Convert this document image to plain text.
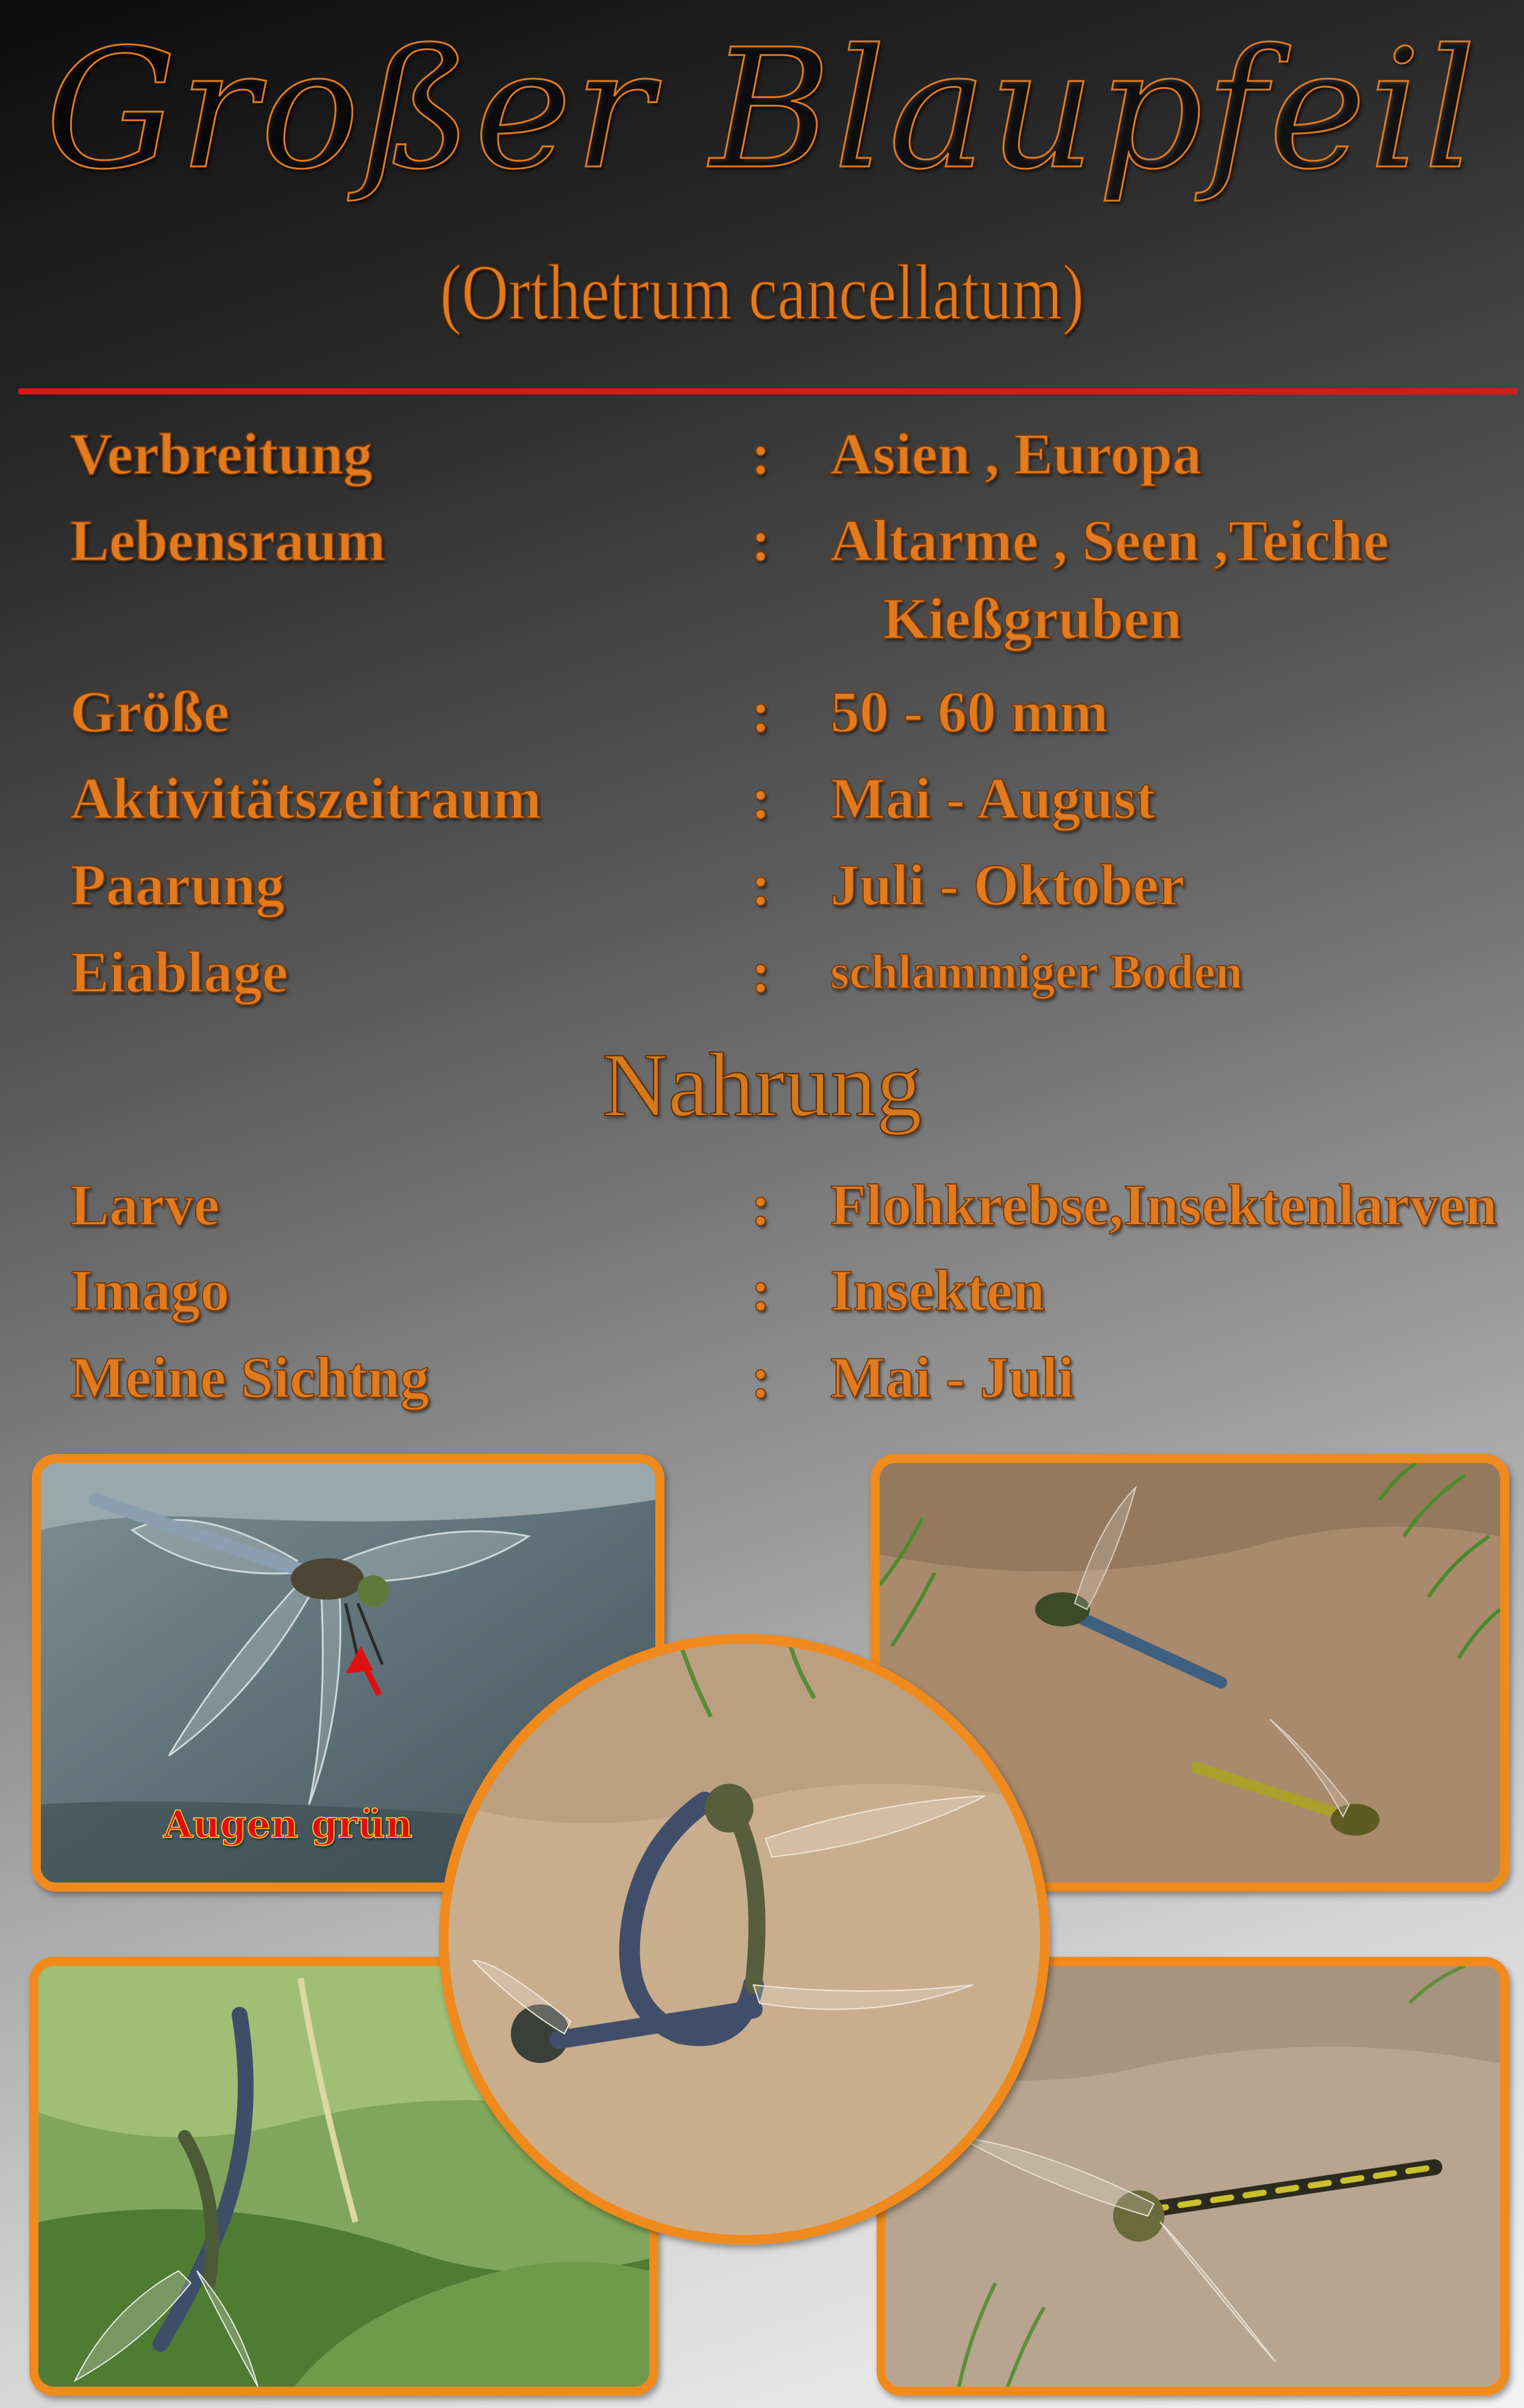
Großer Blaupfeil
(Orthetrum cancellatum)
Verbreitung	: Asien , Europa
Lebensraum	: Altarme , Seen ,Teiche
Kießgruben
Größe	: 50 - 60 mm
Aktivitätszeitraum	: Mai - August
Paarung	: Juli - Oktober
Eiablage	: schlammiger Boden
Nahrung
Larve	: Flohkrebse,Insektenlarven
Imago	: Insekten
Meine Sichtng	: Mai - Juli
Augen grün
